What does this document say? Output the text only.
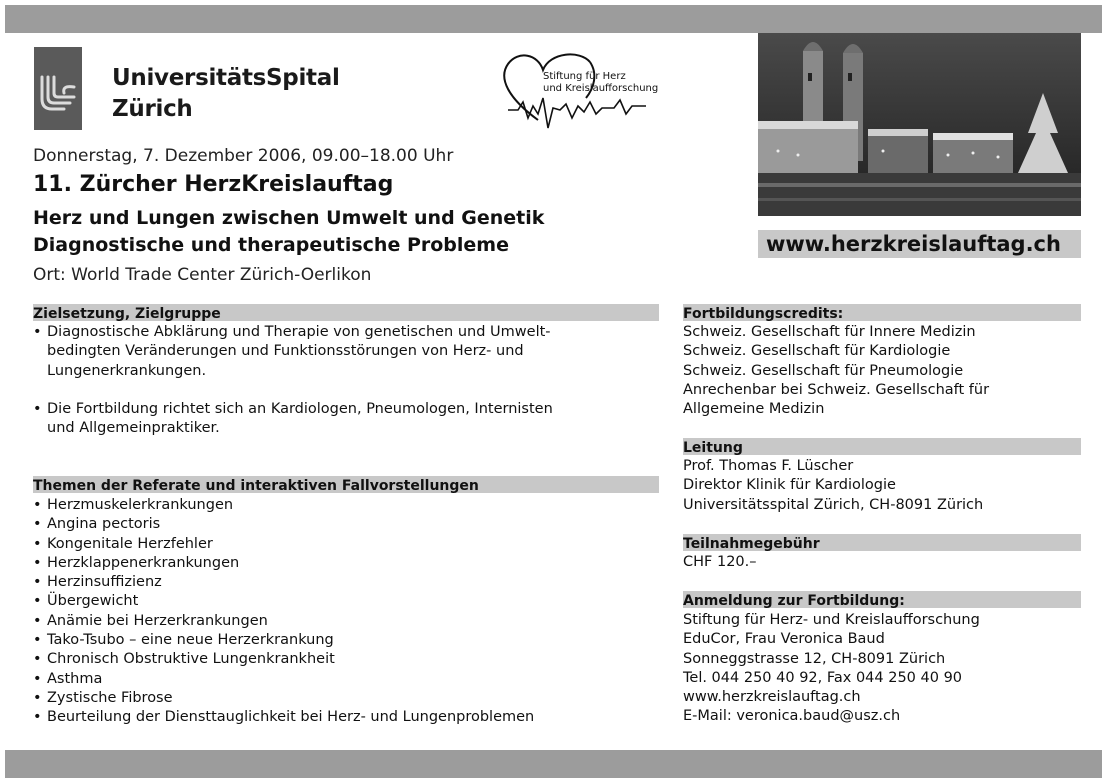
UniversitätsSpital
Zürich
Stiftung für Herz
und Kreislaufforschung
www.herzkreislauftag.ch
Donnerstag, 7. Dezember 2006, 09.00–18.00 Uhr
11. Zürcher HerzKreislauftag
Herz und Lungen zwischen Umwelt und Genetik
Diagnostische und therapeutische Probleme
Ort: World Trade Center Zürich-Oerlikon
Zielsetzung, Zielgruppe
• Diagnostische Abklärung und Therapie von genetischen und Umwelt-
bedingten Veränderungen und Funktionsstörungen von Herz- und
Lungenerkrankungen.
• Die Fortbildung richtet sich an Kardiologen, Pneumologen, Internisten
und Allgemeinpraktiker.
Themen der Referate und interaktiven Fallvorstellungen
• Herzmuskelerkrankungen
• Angina pectoris
• Kongenitale Herzfehler
• Herzklappenerkrankungen
• Herzinsuffizienz
• Übergewicht
• Anämie bei Herzerkrankungen
• Tako-Tsubo – eine neue Herzerkrankung
• Chronisch Obstruktive Lungenkrankheit
• Asthma
• Zystische Fibrose
• Beurteilung der Diensttauglichkeit bei Herz- und Lungenproblemen
Fortbildungscredits:
Schweiz. Gesellschaft für Innere Medizin
Schweiz. Gesellschaft für Kardiologie
Schweiz. Gesellschaft für Pneumologie
Anrechenbar bei Schweiz. Gesellschaft für
Allgemeine Medizin
Leitung
Prof. Thomas F. Lüscher
Direktor Klinik für Kardiologie
Universitätsspital Zürich, CH-8091 Zürich
Teilnahmegebühr
CHF 120.–
Anmeldung zur Fortbildung:
Stiftung für Herz- und Kreislaufforschung
EduCor, Frau Veronica Baud
Sonneggstrasse 12, CH-8091 Zürich
Tel. 044 250 40 92, Fax 044 250 40 90
www.herzkreislauftag.ch
E-Mail: veronica.baud@usz.ch
